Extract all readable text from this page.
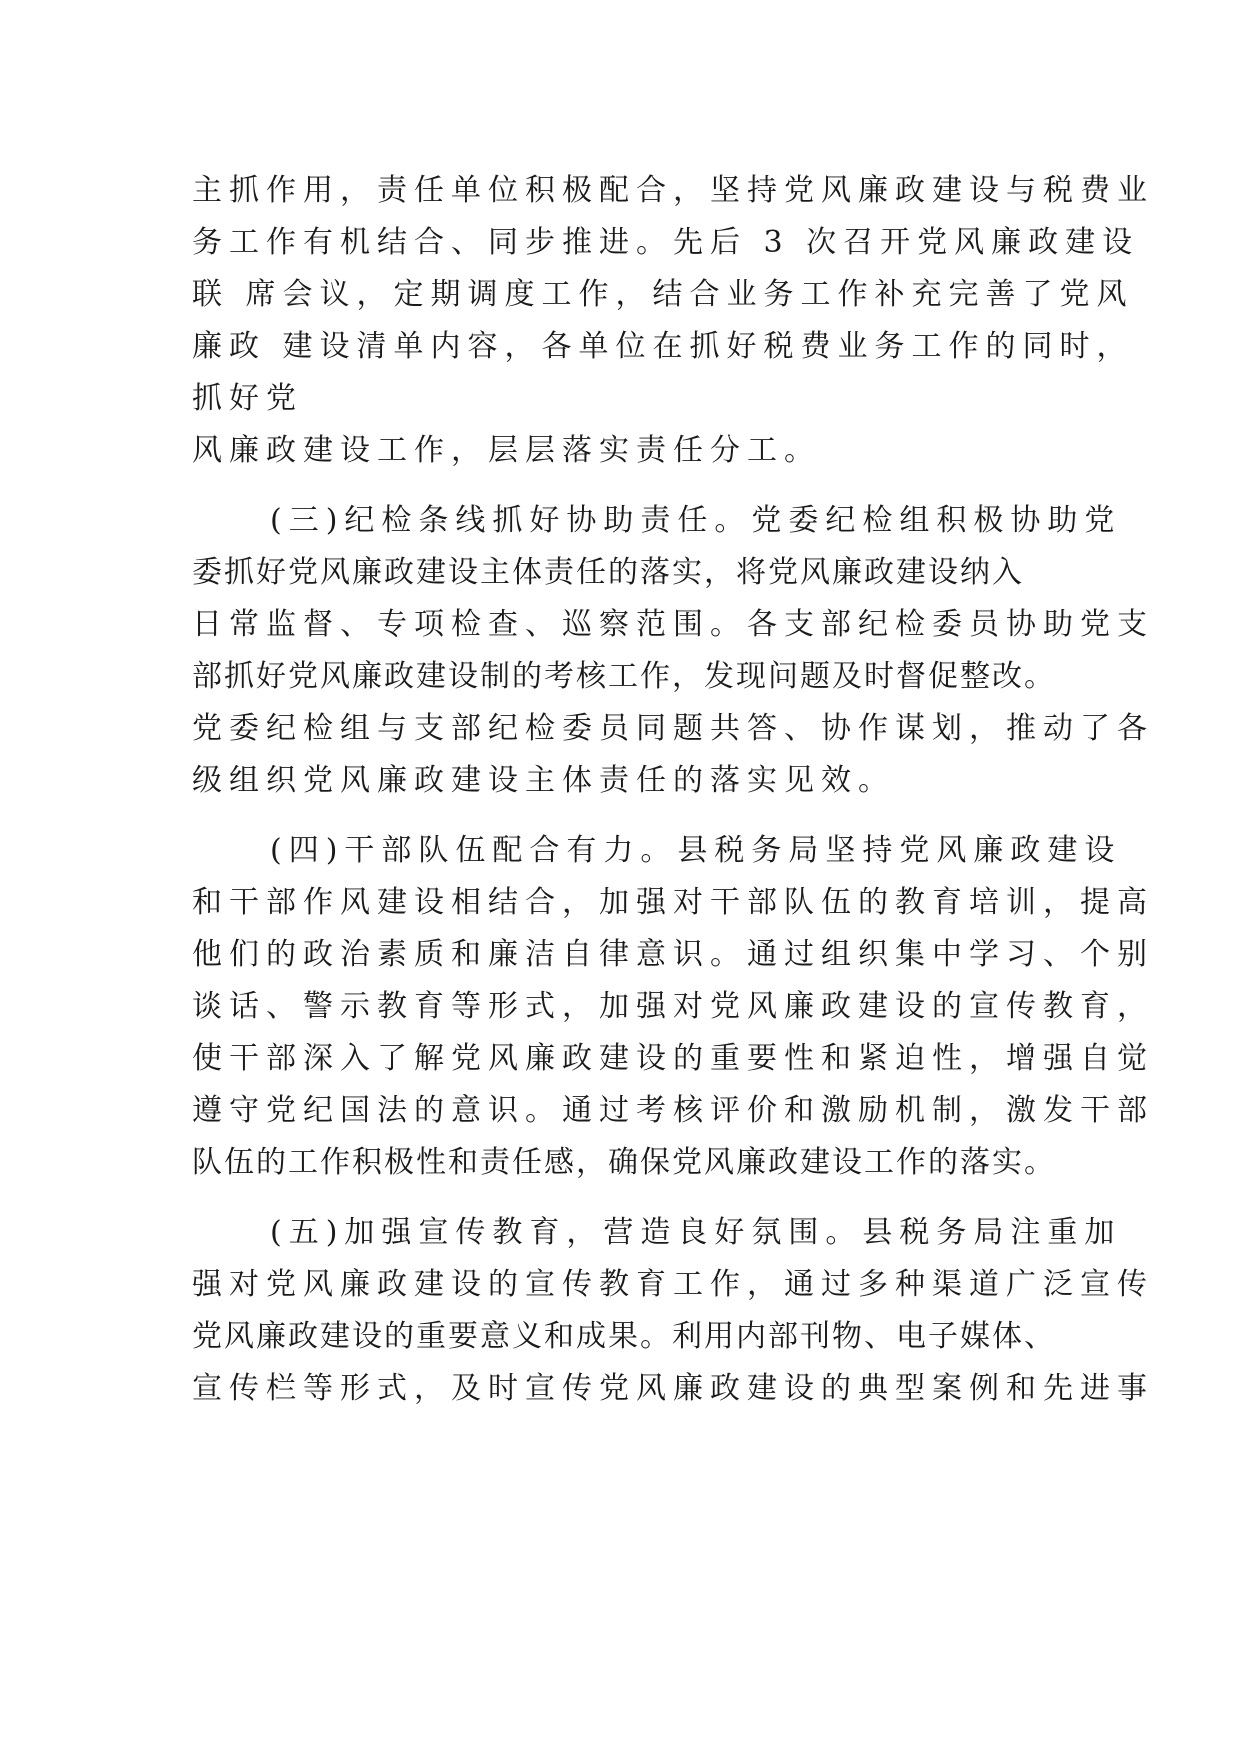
主抓作用，责任单位积极配合，坚持党风廉政建设与税费业
务工作有机结合、同步推进。先后 3 次召开党风廉政建设
联 席会议，定期调度工作，结合业务工作补充完善了党风
廉政 建设清单内容，各单位在抓好税费业务工作的同时，
抓好党
风廉政建设工作，层层落实责任分工。
(三)纪检条线抓好协助责任。党委纪检组积极协助党
委抓好党风廉政建设主体责任的落实，将党风廉政建设纳入
日常监督、专项检查、巡察范围。各支部纪检委员协助党支
部抓好党风廉政建设制的考核工作，发现问题及时督促整改。
党委纪检组与支部纪检委员同题共答、协作谋划，推动了各
级组织党风廉政建设主体责任的落实见效。
(四)干部队伍配合有力。县税务局坚持党风廉政建设
和干部作风建设相结合，加强对干部队伍的教育培训，提高
他们的政治素质和廉洁自律意识。通过组织集中学习、个别
谈话、警示教育等形式，加强对党风廉政建设的宣传教育，
使干部深入了解党风廉政建设的重要性和紧迫性，增强自觉
遵守党纪国法的意识。通过考核评价和激励机制，激发干部
队伍的工作积极性和责任感，确保党风廉政建设工作的落实。
(五)加强宣传教育，营造良好氛围。县税务局注重加
强对党风廉政建设的宣传教育工作，通过多种渠道广泛宣传
党风廉政建设的重要意义和成果。利用内部刊物、电子媒体、
宣传栏等形式，及时宣传党风廉政建设的典型案例和先进事
